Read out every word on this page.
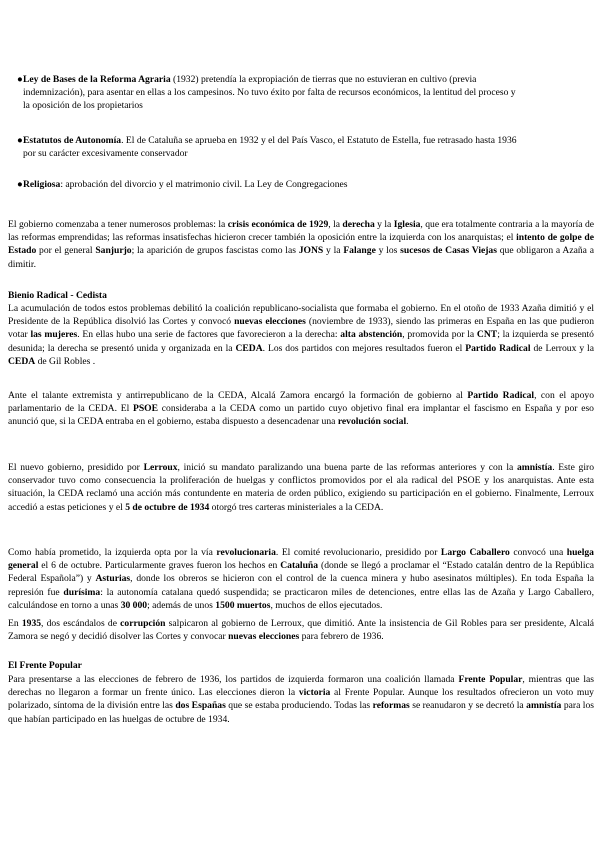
● Ley de Bases de la Reforma Agraria (1932) pretendía la expropiación de tierras que no estuvieran en cultivo (previa

indemnización), para asentar en ellas a los campesinos. No tuvo éxito por falta de recursos económicos, la lentitud del proceso y
la oposición de los propietarios
● Estatutos de Autonomía. El de Cataluña se aprueba en 1932 y el del País Vasco, el Estatuto de Estella, fue retrasado hasta 1936

por su carácter excesivamente conservador
● Religiosa: aprobación del divorcio y el matrimonio civil. La Ley de Congregaciones

El gobierno comenzaba a tener numerosos problemas: la crisis económica de 1929, la derecha y la Iglesia, que era totalmente contraria a la mayoría de las reformas emprendidas; las reformas insatisfechas hicieron crecer también la oposición entre la izquierda con los anarquistas; el intento de golpe de Estado por el general Sanjurjo; la aparición de grupos fascistas como las JONS y la Falange y los sucesos de Casas Viejas que obligaron a Azaña a dimitir.
Bienio Radical - Cedista
La acumulación de todos estos problemas debilitó la coalición republicano-socialista que formaba el gobierno. En el otoño de 1933 Azaña dimitió y el Presidente de la República disolvió las Cortes y convocó nuevas elecciones (noviembre de 1933), siendo las primeras en España en las que pudieron votar las mujeres. En ellas hubo una serie de factores que favorecieron a la derecha: alta abstención, promovida por la CNT; la izquierda se presentó desunida; la derecha se presentó unida y organizada en la CEDA. Los dos partidos con mejores resultados fueron el Partido Radical de Lerroux y la CEDA de Gil Robles .
Ante el talante extremista y antirrepublicano de la CEDA, Alcalá Zamora encargó la formación de gobierno al Partido Radical, con el apoyo parlamentario de la CEDA. El PSOE consideraba a la CEDA como un partido cuyo objetivo final era implantar el fascismo en España y por eso anunció que, si la CEDA entraba en el gobierno, estaba dispuesto a desencadenar una revolución social.
El nuevo gobierno, presidido por Lerroux, inició su mandato paralizando una buena parte de las reformas anteriores y con la amnistía. Este giro conservador tuvo como consecuencia la proliferación de huelgas y conflictos promovidos por el ala radical del PSOE y los anarquistas. Ante esta situación, la CEDA reclamó una acción más contundente en materia de orden público, exigiendo su participación en el gobierno. Finalmente, Lerroux accedió a estas peticiones y el 5 de octubre de 1934 otorgó tres carteras ministeriales a la CEDA.
Como había prometido, la izquierda opta por la vía revolucionaria. El comité revolucionario, presidido por Largo Caballero convocó una huelga general el 6 de octubre. Particularmente graves fueron los hechos en Cataluña (donde se llegó a proclamar el “Estado catalán dentro de la República Federal Española”) y Asturias, donde los obreros se hicieron con el control de la cuenca minera y hubo asesinatos múltiples). En toda España la represión fue durísima: la autonomía catalana quedó suspendida; se practicaron miles de detenciones, entre ellas las de Azaña y Largo Caballero, calculándose en torno a unas 30 000; además de unos 1500 muertos, muchos de ellos ejecutados.
En 1935, dos escándalos de corrupción salpicaron al gobierno de Lerroux, que dimitió. Ante la insistencia de Gil Robles para ser presidente, Alcalá Zamora se negó y decidió disolver las Cortes y convocar nuevas elecciones para febrero de 1936.
El Frente Popular
Para presentarse a las elecciones de febrero de 1936, los partidos de izquierda formaron una coalición llamada Frente Popular, mientras que las derechas no llegaron a formar un frente único. Las elecciones dieron la victoria al Frente Popular. Aunque los resultados ofrecieron un voto muy polarizado, síntoma de la división entre las dos Españas que se estaba produciendo. Todas las reformas se reanudaron y se decretó la amnistía para los que habían participado en las huelgas de octubre de 1934.
